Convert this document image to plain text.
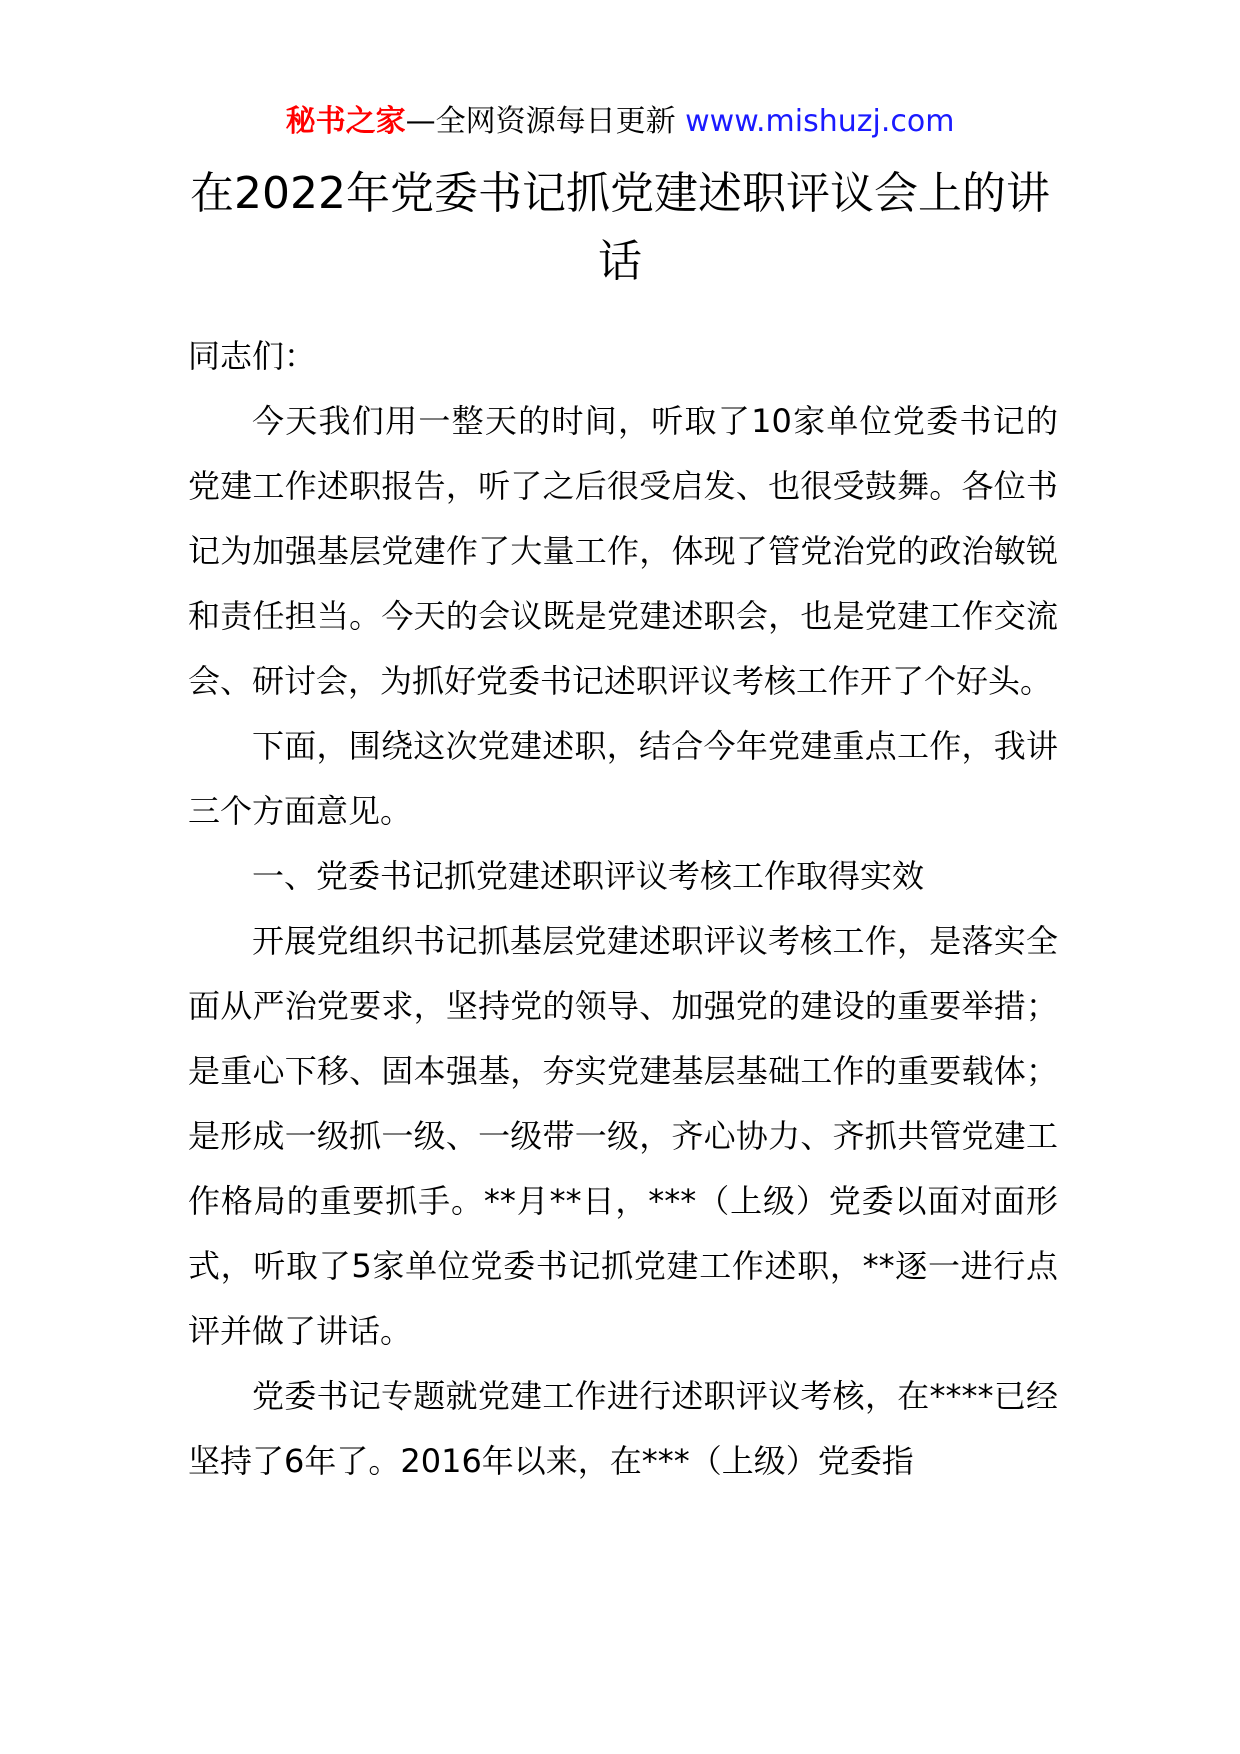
秘书之家—全网资源每日更新 www.mishuzj.com
在2022年党委书记抓党建述职评议会上的讲话

同志们：

今天我们用一整天的时间，听取了10家单位党委书记的党建工作述职报告，听了之后很受启发、也很受鼓舞。各位书记为加强基层党建作了大量工作，体现了管党治党的政治敏锐和责任担当。今天的会议既是党建述职会，也是党建工作交流会、研讨会，为抓好党委书记述职评议考核工作开了个好头。

下面，围绕这次党建述职，结合今年党建重点工作，我讲三个方面意见。

一、党委书记抓党建述职评议考核工作取得实效

开展党组织书记抓基层党建述职评议考核工作，是落实全面从严治党要求，坚持党的领导、加强党的建设的重要举措；是重心下移、固本强基，夯实党建基层基础工作的重要载体；是形成一级抓一级、一级带一级，齐心协力、齐抓共管党建工作格局的重要抓手。**月**日，***（上级）党委以面对面形式，听取了5家单位党委书记抓党建工作述职，**逐一进行点评并做了讲话。

党委书记专题就党建工作进行述职评议考核，在****已经坚持了6年了。2016年以来，在***（上级）党委指
